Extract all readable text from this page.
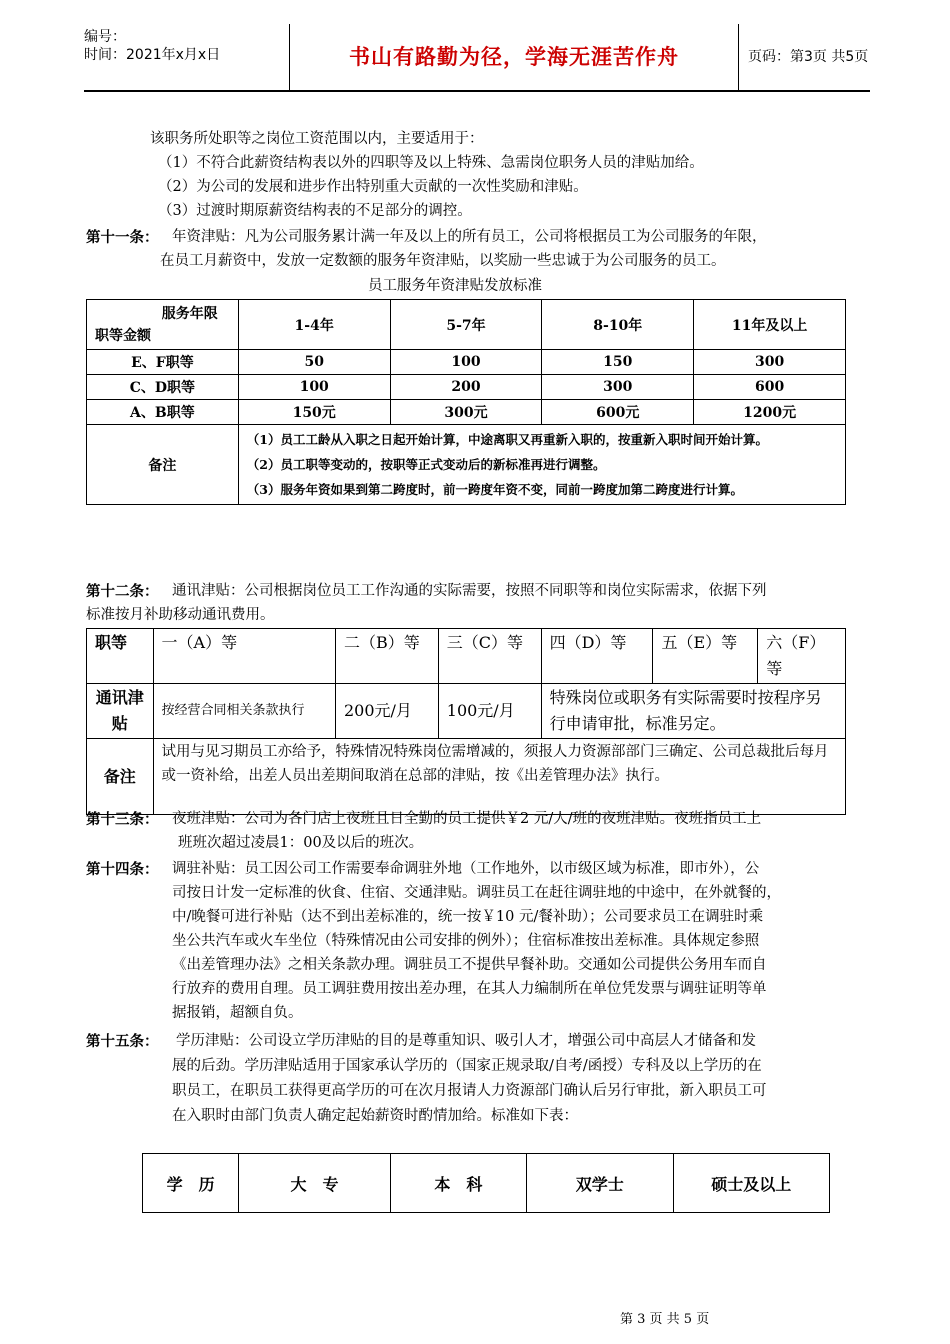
编号：
时间：2021年x月x日	书山有路勤为径，学海无涯苦作舟	页码：第3页 共5页
该职务所处职等之岗位工资范围以内，主要适用于：
（1）不符合此薪资结构表以外的四职等及以上特殊、急需岗位职务人员的津贴加给。
（2）为公司的发展和进步作出特别重大贡献的一次性奖励和津贴。
（3）过渡时期原薪资结构表的不足部分的调控。
第十一条： 年资津贴：凡为公司服务累计满一年及以上的所有员工，公司将根据员工为公司服务的年限，
在员工月薪资中，发放一定数额的服务年资津贴，以奖励一些忠诚于为公司服务的员工。
员工服务年资津贴发放标准
服务年限
职等金额	1-4年	5-7年	8-10年	11年及以上
E、F职等	50	100	150	300
C、D职等	100	200	300	600
A、B职等	150元	300元	600元	1200元
备注	（1）员工工龄从入职之日起开始计算，中途离职又再重新入职的，按重新入职时间开始计算。
（2）员工职等变动的，按职等正式变动后的新标准再进行调整。
（3）服务年资如果到第二跨度时，前一跨度年资不变，同前一跨度加第二跨度进行计算。			
第十二条： 通讯津贴：公司根据岗位员工工作沟通的实际需要，按照不同职等和岗位实际需求，依据下列
标准按月补助移动通讯费用。
职等	一（A）等	二（B）等	三（C）等	四（D）等	五（E）等	六（F）等
通讯津贴	按经营合同相关条款执行	200元/月	100元/月	特殊岗位或职务有实际需要时按程序另行申请审批，标准另定。		
备注	试用与见习期员工亦给予，特殊情况特殊岗位需增减的，须报人力资源部部门三确定、公司总裁批后每月或一资补给，出差人员出差期间取消在总部的津贴，按《出差管理办法》执行。					
第十三条： 夜班津贴：公司为各门店上夜班且日全勤的员工提供￥2 元/人/班的夜班津贴。夜班指员工上
班班次超过凌晨1：00及以后的班次。
第十四条： 调驻补贴：员工因公司工作需要奉命调驻外地（工作地外，以市级区域为标准，即市外），公
司按日计发一定标准的伙食、住宿、交通津贴。调驻员工在赶往调驻地的中途中，在外就餐的，
中/晚餐可进行补贴（达不到出差标准的，统一按￥10 元/餐补助）；公司要求员工在调驻时乘
坐公共汽车或火车坐位（特殊情况由公司安排的例外）；住宿标准按出差标准。具体规定参照
《出差管理办法》之相关条款办理。调驻员工不提供早餐补助。交通如公司提供公务用车而自
行放弃的费用自理。员工调驻费用按出差办理，在其人力编制所在单位凭发票与调驻证明等单
据报销，超额自负。
第十五条： 学历津贴：公司设立学历津贴的目的是尊重知识、吸引人才，增强公司中高层人才储备和发
展的后劲。学历津贴适用于国家承认学历的（国家正规录取/自考/函授）专科及以上学历的在
职员工，在职员工获得更高学历的可在次月报请人力资源部门确认后另行审批，新入职员工可
在入职时由部门负责人确定起始薪资时酌情加给。标准如下表：
学　历	大　专	本　科	双学士	硕士及以上
第 3 页 共 5 页
